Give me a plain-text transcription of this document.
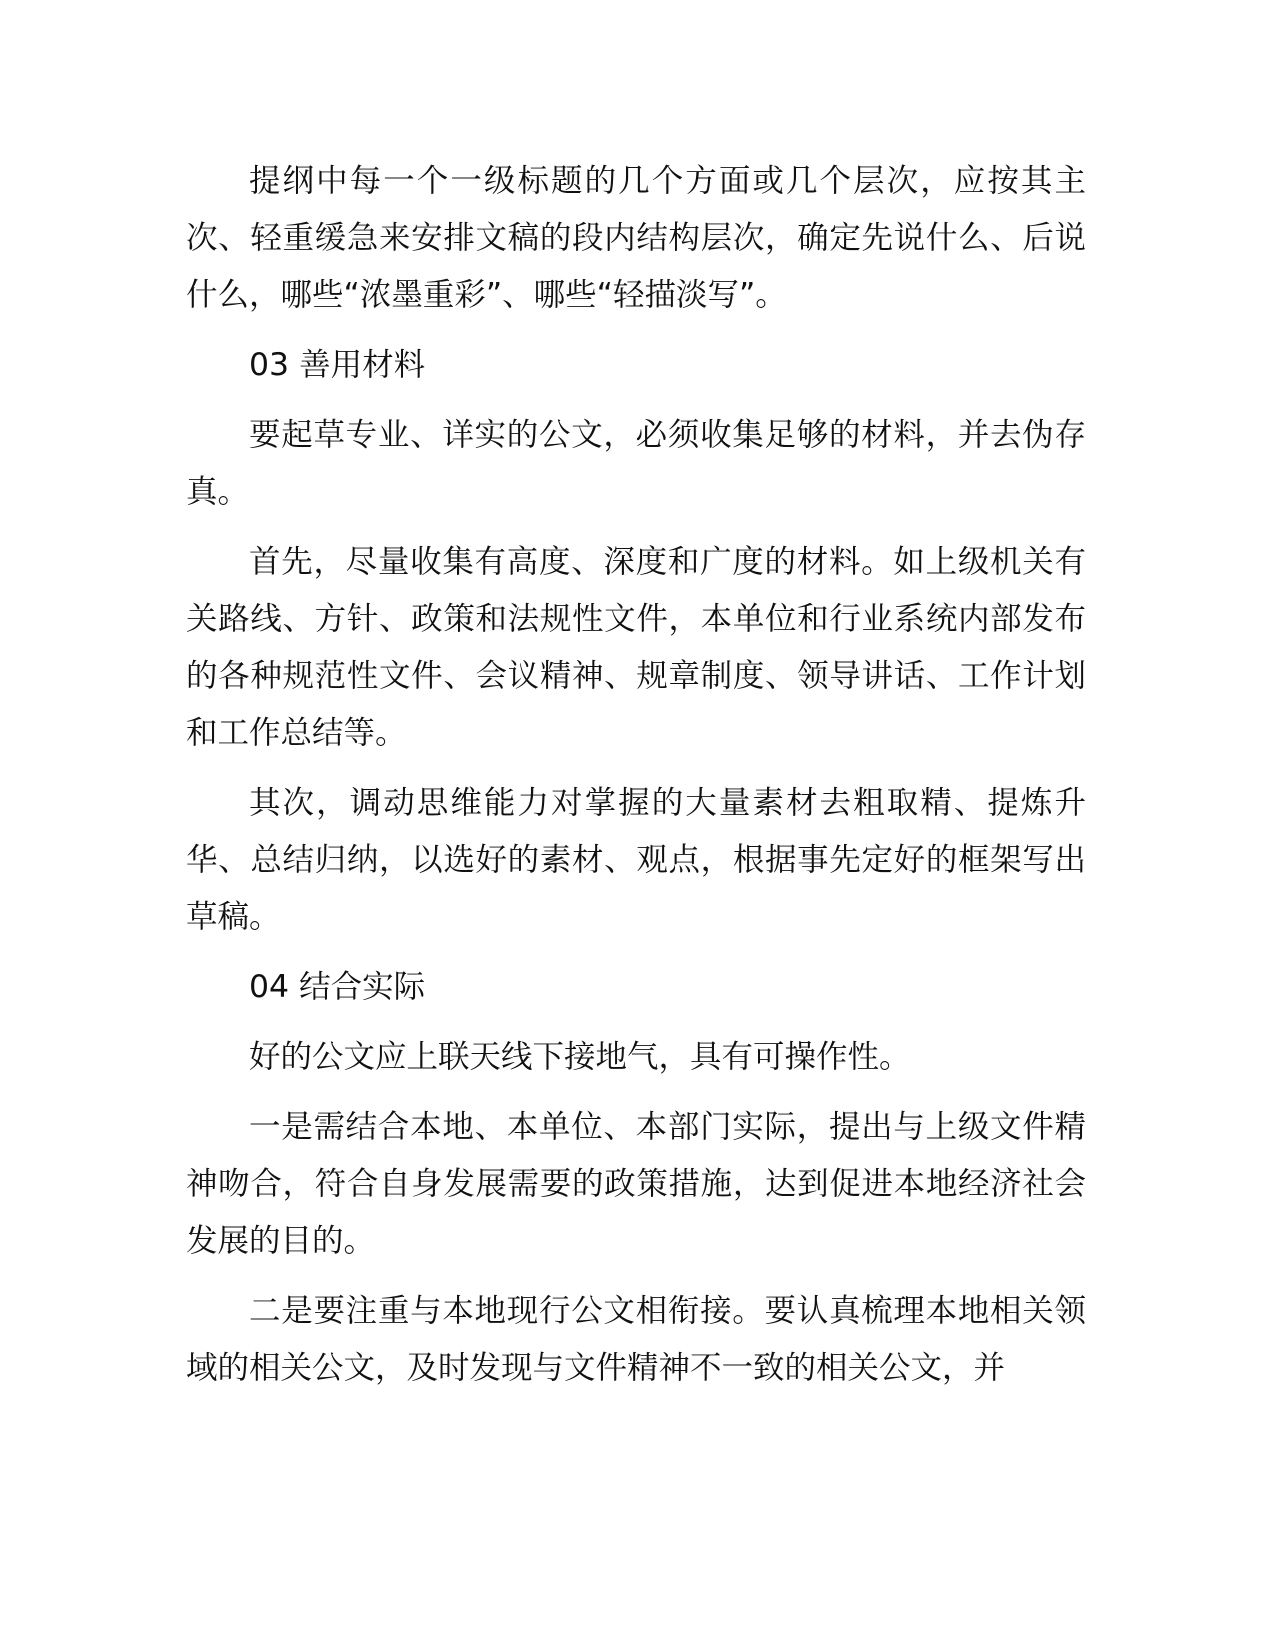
提纲中每一个一级标题的几个方面或几个层次，应按其主次、轻重缓急来安排文稿的段内结构层次，确定先说什么、后说什么，哪些“浓墨重彩”、哪些“轻描淡写”。

03 善用材料

要起草专业、详实的公文，必须收集足够的材料，并去伪存真。

首先，尽量收集有高度、深度和广度的材料。如上级机关有关路线、方针、政策和法规性文件，本单位和行业系统内部发布的各种规范性文件、会议精神、规章制度、领导讲话、工作计划和工作总结等。

其次，调动思维能力对掌握的大量素材去粗取精、提炼升华、总结归纳，以选好的素材、观点，根据事先定好的框架写出草稿。

04 结合实际

好的公文应上联天线下接地气，具有可操作性。

一是需结合本地、本单位、本部门实际，提出与上级文件精神吻合，符合自身发展需要的政策措施，达到促进本地经济社会发展的目的。

二是要注重与本地现行公文相衔接。要认真梳理本地相关领域的相关公文，及时发现与文件精神不一致的相关公文，并
